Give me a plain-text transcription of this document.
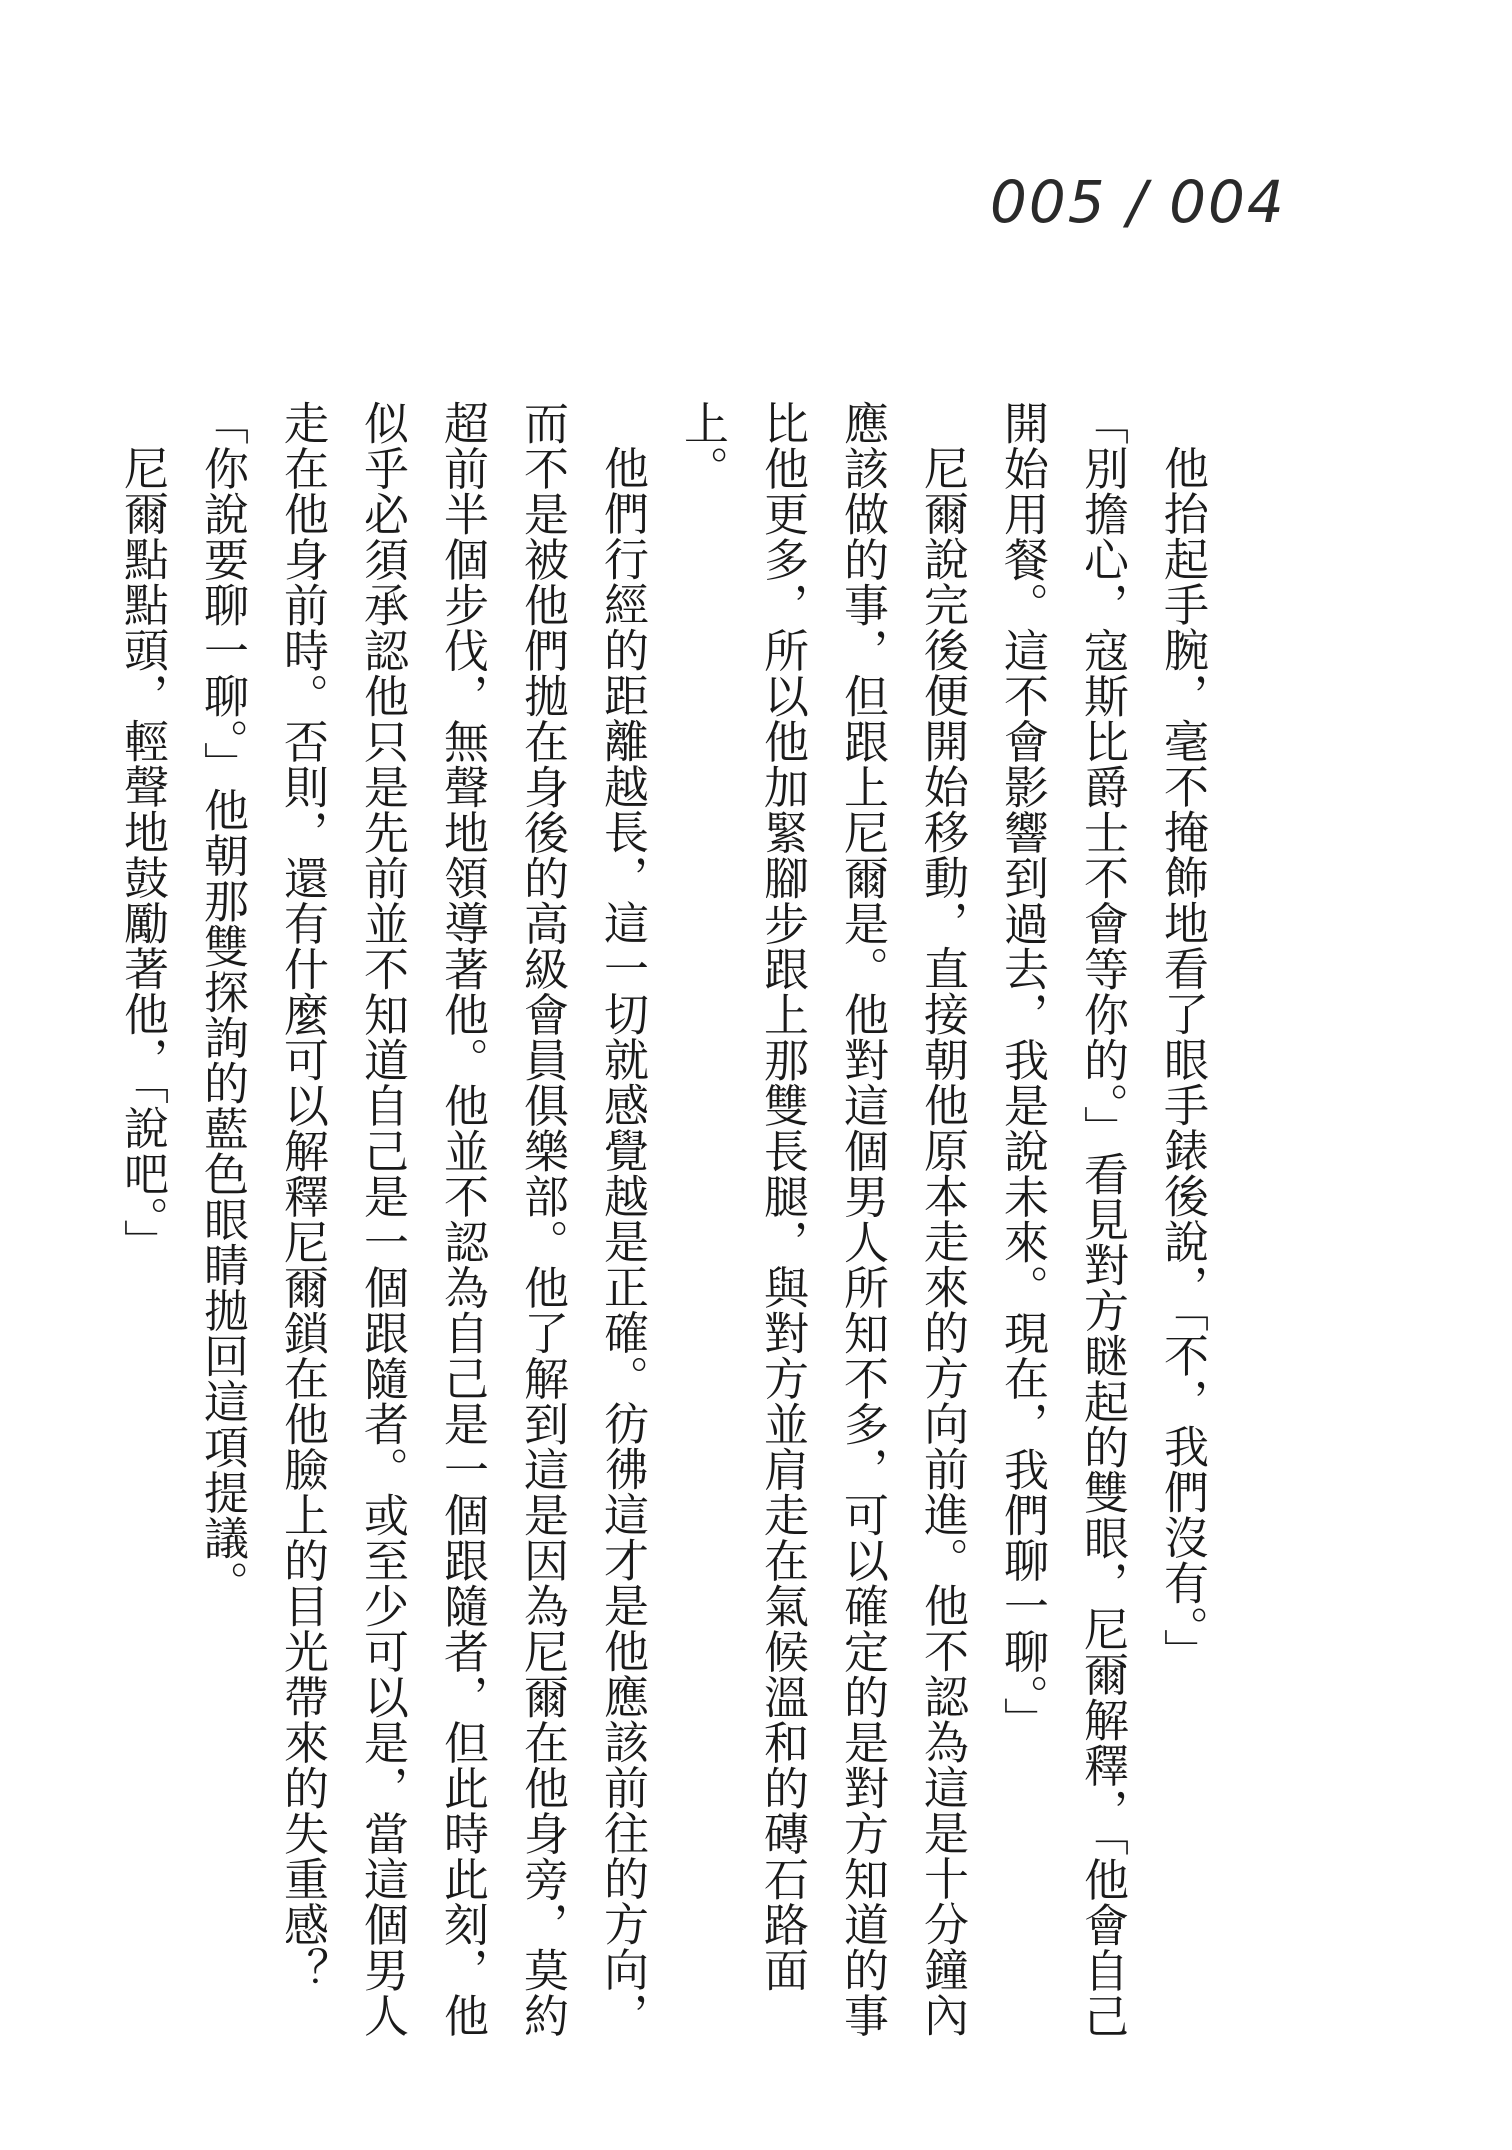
005 / 004

他抬起手腕，毫不掩飾地看了眼手錶後說，「不，我們沒有。」

「別擔心，寇斯比爵士不會等你的。」看見對方瞇起的雙眼，尼爾解釋，「他會自己開始用餐。這不會影響到過去，我是說未來。現在，我們聊一聊。」

尼爾說完後便開始移動，直接朝他原本走來的方向前進。他不認為這是十分鐘內應該做的事，但跟上尼爾是。他對這個男人所知不多，可以確定的是對方知道的事比他更多，所以他加緊腳步跟上那雙長腿，與對方並肩走在氣候溫和的磚石路面上。

他們行經的距離越長，這一切就感覺越是正確。彷彿這才是他應該前往的方向，而不是被他們拋在身後的高級會員俱樂部。他了解到這是因為尼爾在他身旁，莫約超前半個步伐，無聲地領導著他。他並不認為自己是一個跟隨者，但此時此刻，他似乎必須承認他只是先前並不知道自己是一個跟隨者。或至少可以是，當這個男人走在他身前時。否則，還有什麼可以解釋尼爾鎖在他臉上的目光帶來的失重感？

「你說要聊一聊。」他朝那雙探詢的藍色眼睛拋回這項提議。

尼爾點點頭，輕聲地鼓勵著他，「說吧。」
